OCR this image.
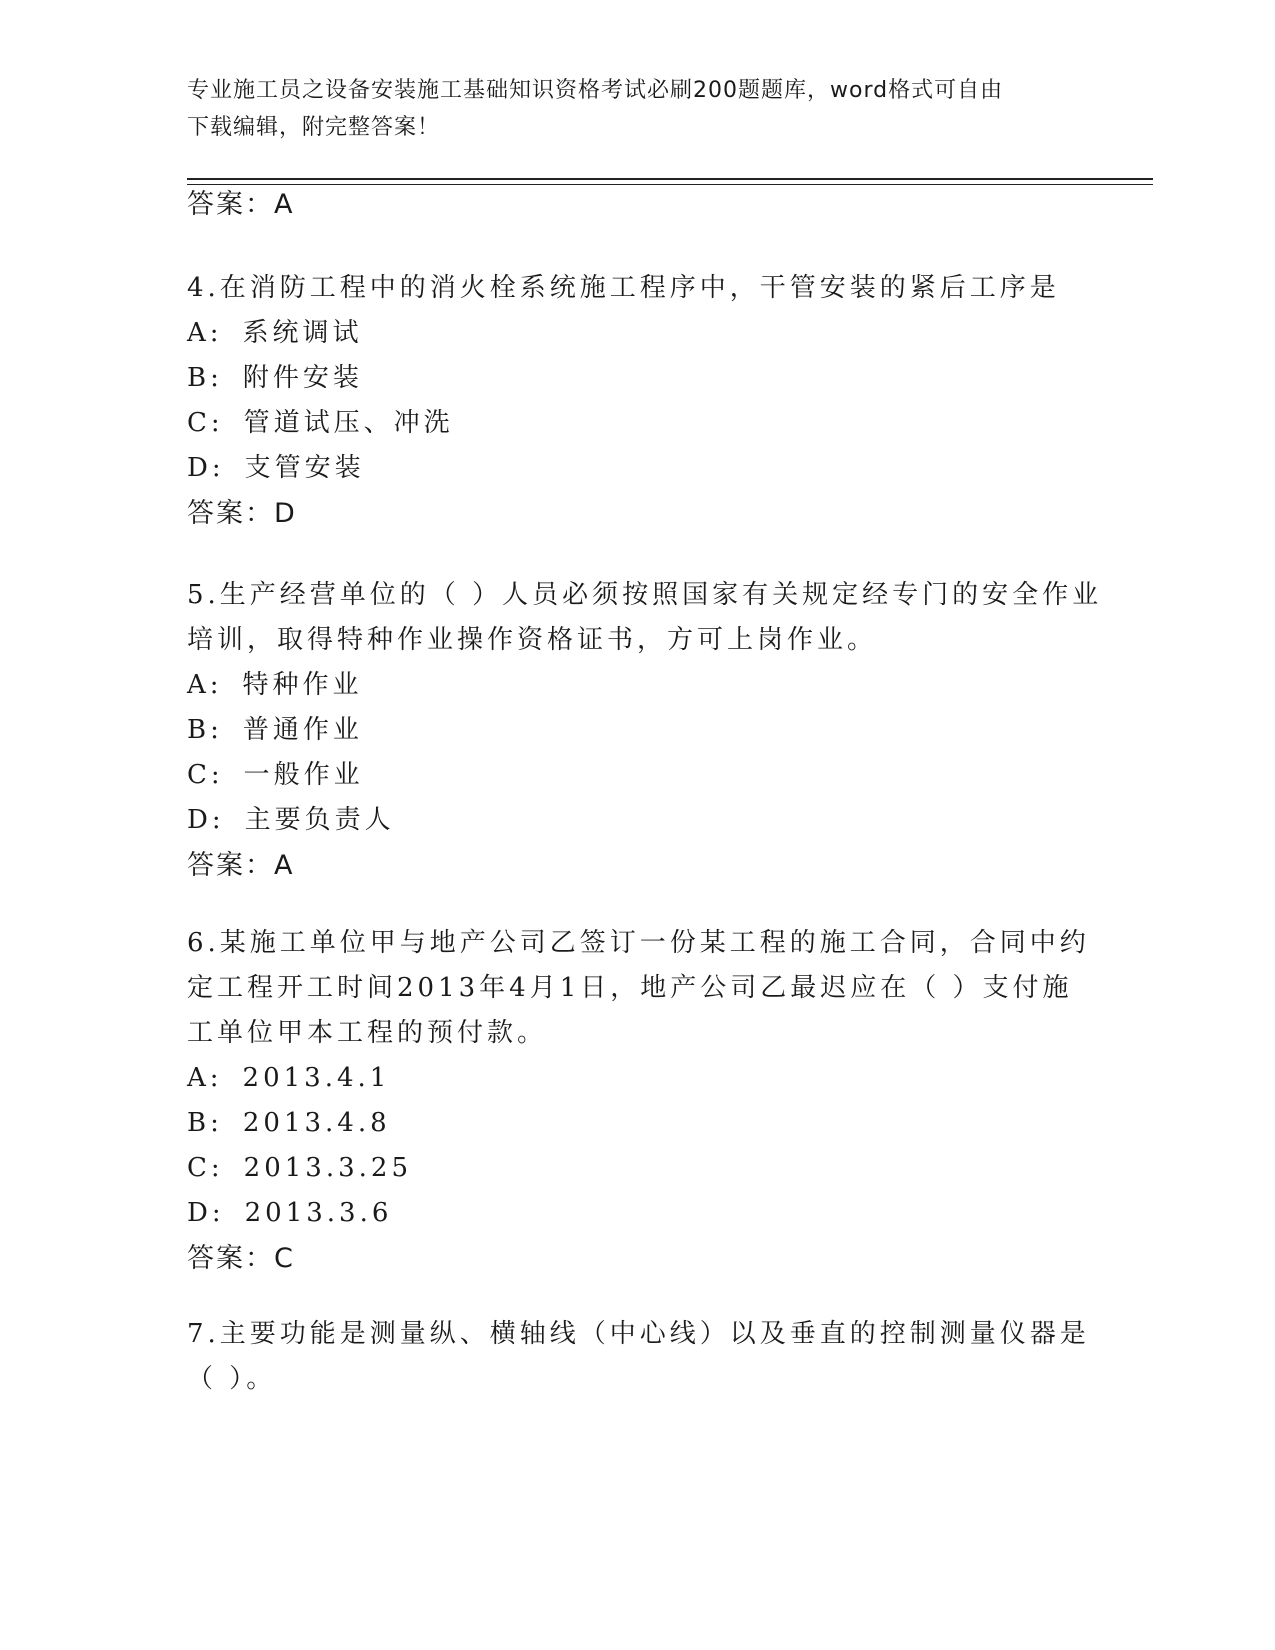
专业施工员之设备安装施工基础知识资格考试必刷200题题库，word格式可自由
下载编辑，附完整答案！

答案：A

4.在消防工程中的消火栓系统施工程序中，干管安装的紧后工序是

A: 系统调试

B: 附件安装

C: 管道试压、冲洗

D: 支管安装

答案：D

5.生产经营单位的（ ）人员必须按照国家有关规定经专门的安全作业

培训，取得特种作业操作资格证书，方可上岗作业。

A: 特种作业

B: 普通作业

C: 一般作业

D: 主要负责人

答案：A

6.某施工单位甲与地产公司乙签订一份某工程的施工合同，合同中约

定工程开工时间2013年4月1日，地产公司乙最迟应在（ ）支付施

工单位甲本工程的预付款。

A: 2013.4.1

B: 2013.4.8

C: 2013.3.25

D: 2013.3.6

答案：C

7.主要功能是测量纵、横轴线（中心线）以及垂直的控制测量仪器是

（ ）。
